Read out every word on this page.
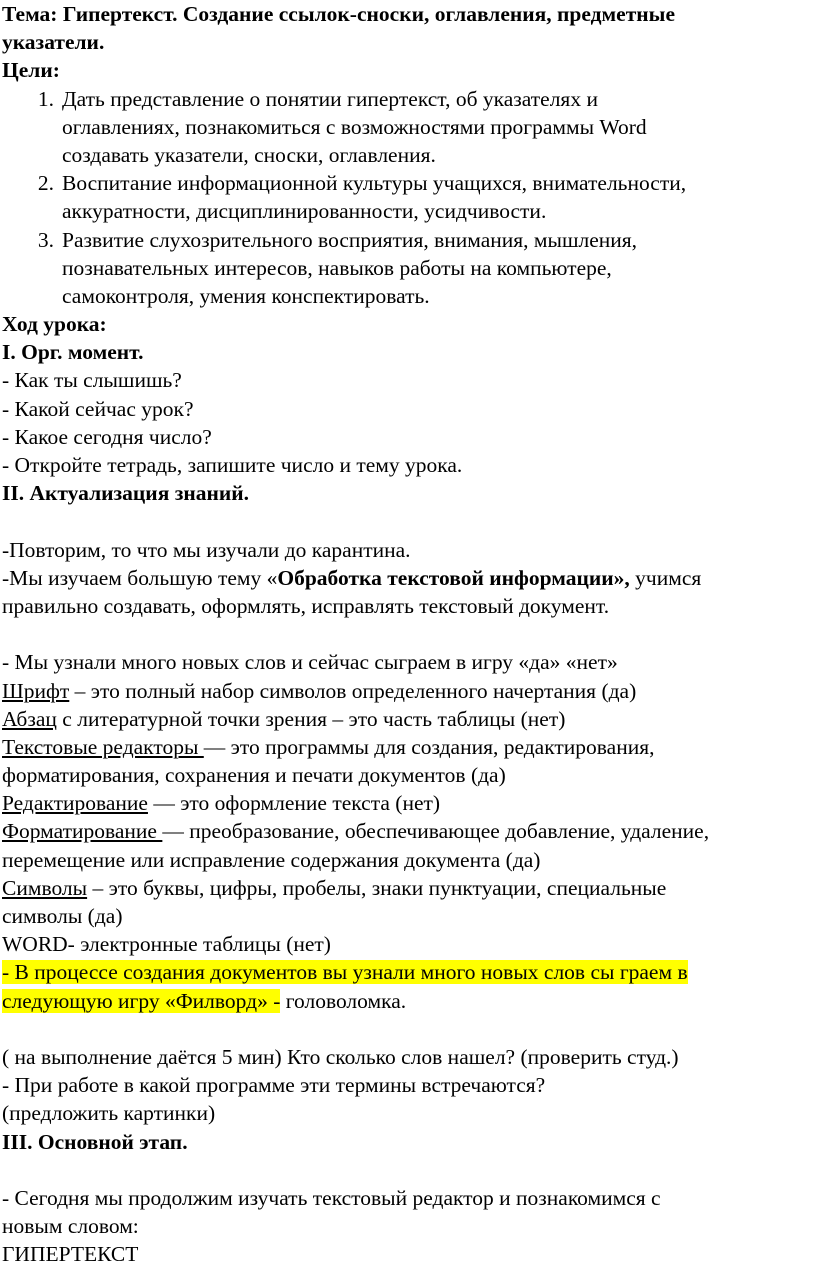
Тема: Гипертекст. Создание ссылок-сноски, оглавления, предметные
указатели.
Цели:
1. Дать представление о понятии гипертекст, об указателях и
оглавлениях, познакомиться с возможностями программы Word
создавать указатели, сноски, оглавления.
2. Воспитание информационной культуры учащихся, внимательности,
аккуратности, дисциплинированности, усидчивости.
3. Развитие слухозрительного восприятия, внимания, мышления,
познавательных интересов, навыков работы на компьютере,
самоконтроля, умения конспектировать.
Ход урока:
I. Орг. момент.
- Как ты слышишь?
- Какой сейчас урок?
- Какое сегодня число?
- Откройте тетрадь, запишите число и тему урока.
II. Актуализация знаний.
-Повторим, то что мы изучали до карантина.
-Мы изучаем большую тему «Обработка текстовой информации», учимся
правильно создавать, оформлять, исправлять текстовый документ.
- Мы узнали много новых слов и сейчас сыграем в игру «да» «нет»
Шрифт – это полный набор символов определенного начертания (да)
Абзац с литературной точки зрения – это часть таблицы (нет)
Текстовые редакторы — это программы для создания, редактирования,
форматирования, сохранения и печати документов (да)
Редактирование — это оформление текста (нет)
Форматирование — преобразование, обеспечивающее добавление, удаление,
перемещение или исправление содержания документа (да)
Символы – это буквы, цифры, пробелы, знаки пунктуации, специальные
символы (да)
WORD- электронные таблицы (нет)
- В процессе создания документов вы узнали много новых слов сы граем в
следующую игру «Филворд» - головоломка.
( на выполнение даётся 5 мин) Кто сколько слов нашел? (проверить студ.)
- При работе в какой программе эти термины встречаются?
(предложить картинки)
III. Основной этап.
- Сегодня мы продолжим изучать текстовый редактор и познакомимся с
новым словом:
ГИПЕРТЕКСТ
